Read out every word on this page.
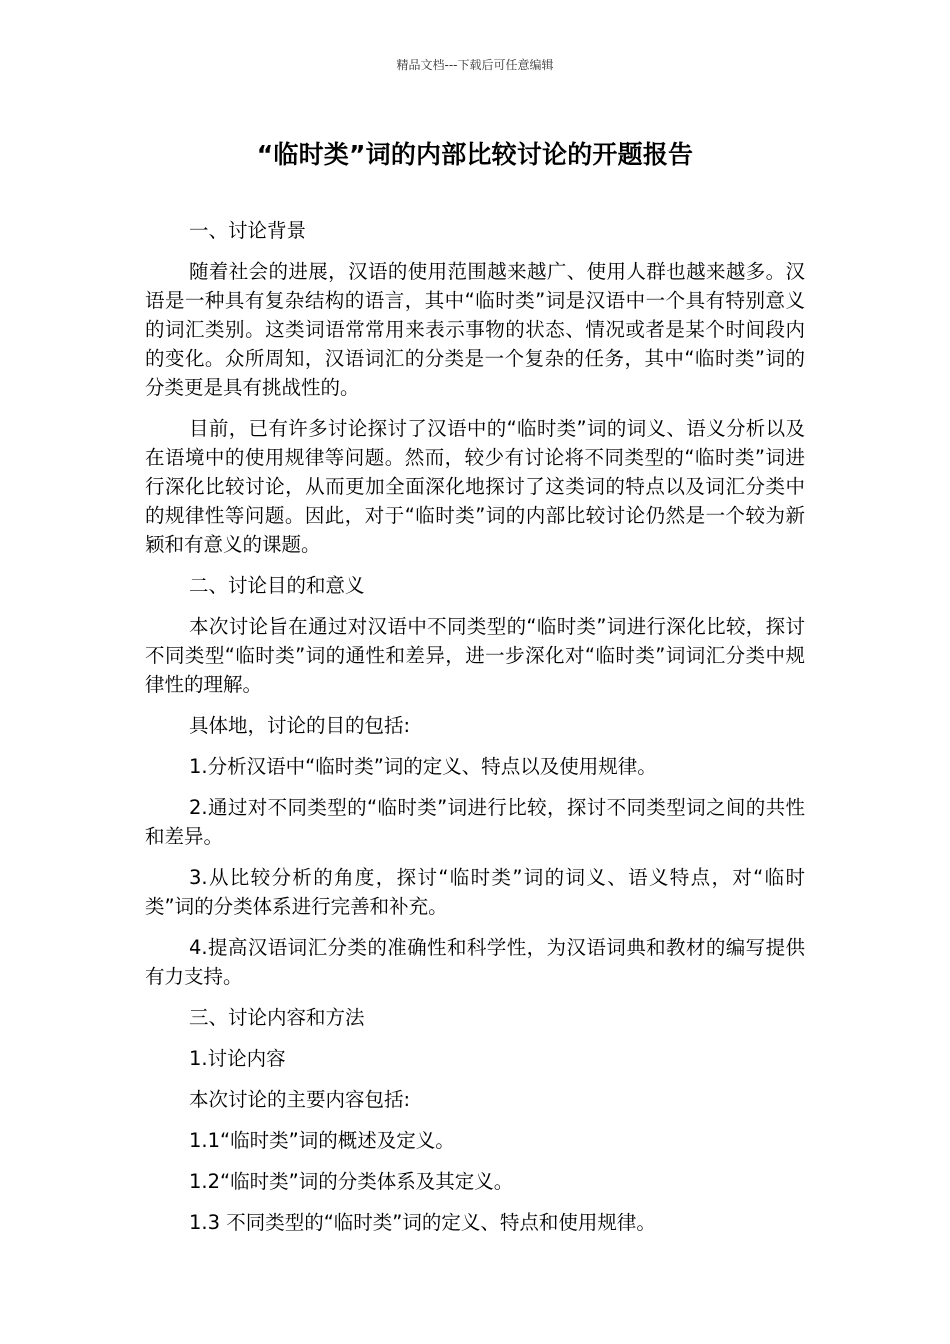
精品文档---下载后可任意编辑
“临时类”词的内部比较讨论的开题报告

一、讨论背景

随着社会的进展，汉语的使用范围越来越广、使用人群也越来越多。汉语是一种具有复杂结构的语言，其中“临时类”词是汉语中一个具有特别意义的词汇类别。这类词语常常用来表示事物的状态、情况或者是某个时间段内的变化。众所周知，汉语词汇的分类是一个复杂的任务，其中“临时类”词的分类更是具有挑战性的。

目前，已有许多讨论探讨了汉语中的“临时类”词的词义、语义分析以及在语境中的使用规律等问题。然而，较少有讨论将不同类型的“临时类”词进行深化比较讨论，从而更加全面深化地探讨了这类词的特点以及词汇分类中的规律性等问题。因此，对于“临时类”词的内部比较讨论仍然是一个较为新颖和有意义的课题。

二、讨论目的和意义

本次讨论旨在通过对汉语中不同类型的“临时类”词进行深化比较，探讨不同类型“临时类”词的通性和差异，进一步深化对“临时类”词词汇分类中规律性的理解。

具体地，讨论的目的包括:

1.分析汉语中“临时类”词的定义、特点以及使用规律。

2.通过对不同类型的“临时类”词进行比较，探讨不同类型词之间的共性和差异。

3.从比较分析的角度，探讨“临时类”词的词义、语义特点，对“临时类”词的分类体系进行完善和补充。

4.提高汉语词汇分类的准确性和科学性，为汉语词典和教材的编写提供有力支持。

三、讨论内容和方法

1.讨论内容

本次讨论的主要内容包括:

1.1“临时类”词的概述及定义。

1.2“临时类”词的分类体系及其定义。

1.3 不同类型的“临时类”词的定义、特点和使用规律。
